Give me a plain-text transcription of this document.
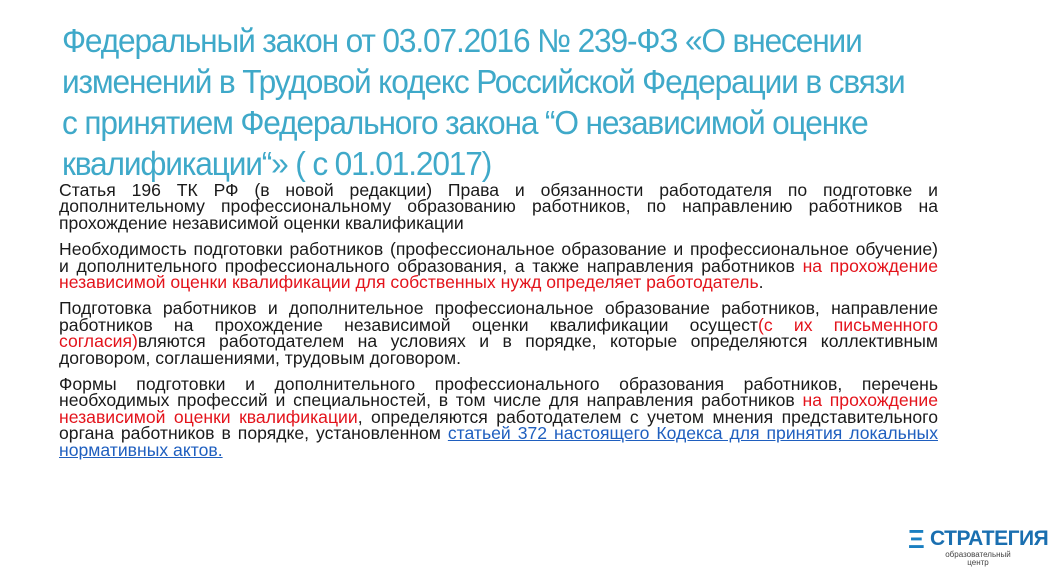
Федеральный закон от 03.07.2016 № 239-ФЗ «О внесении изменений в Трудовой кодекс Российской Федерации в связи с принятием Федерального закона “О независимой оценке квалификации“» ( с 01.01.2017)

Статья 196 ТК РФ (в новой редакции) Права и обязанности работодателя по подготовке и дополнительному профессиональному образованию работников, по направлению работников на прохождение независимой оценки квалификации

Необходимость подготовки работников (профессиональное образование и профессиональное обучение) и дополнительного профессионального образования, а также направления работников на прохождение независимой оценки квалификации для собственных нужд определяет работодатель.

Подготовка работников и дополнительное профессиональное образование работников, направление работников на прохождение независимой оценки квалификации осущест(с их письменного согласия)вляются работодателем на условиях и в порядке, которые определяются коллективным договором, соглашениями, трудовым договором.

Формы подготовки и дополнительного профессионального образования работников, перечень необходимых профессий и специальностей, в том числе для направления работников на прохождение независимой оценки квалификации, определяются работодателем с учетом мнения представительного органа работников в порядке, установленном статьей 372 настоящего Кодекса для принятия локальных нормативных актов.

Ξ СТРАТЕГИЯ
образовательный центр
